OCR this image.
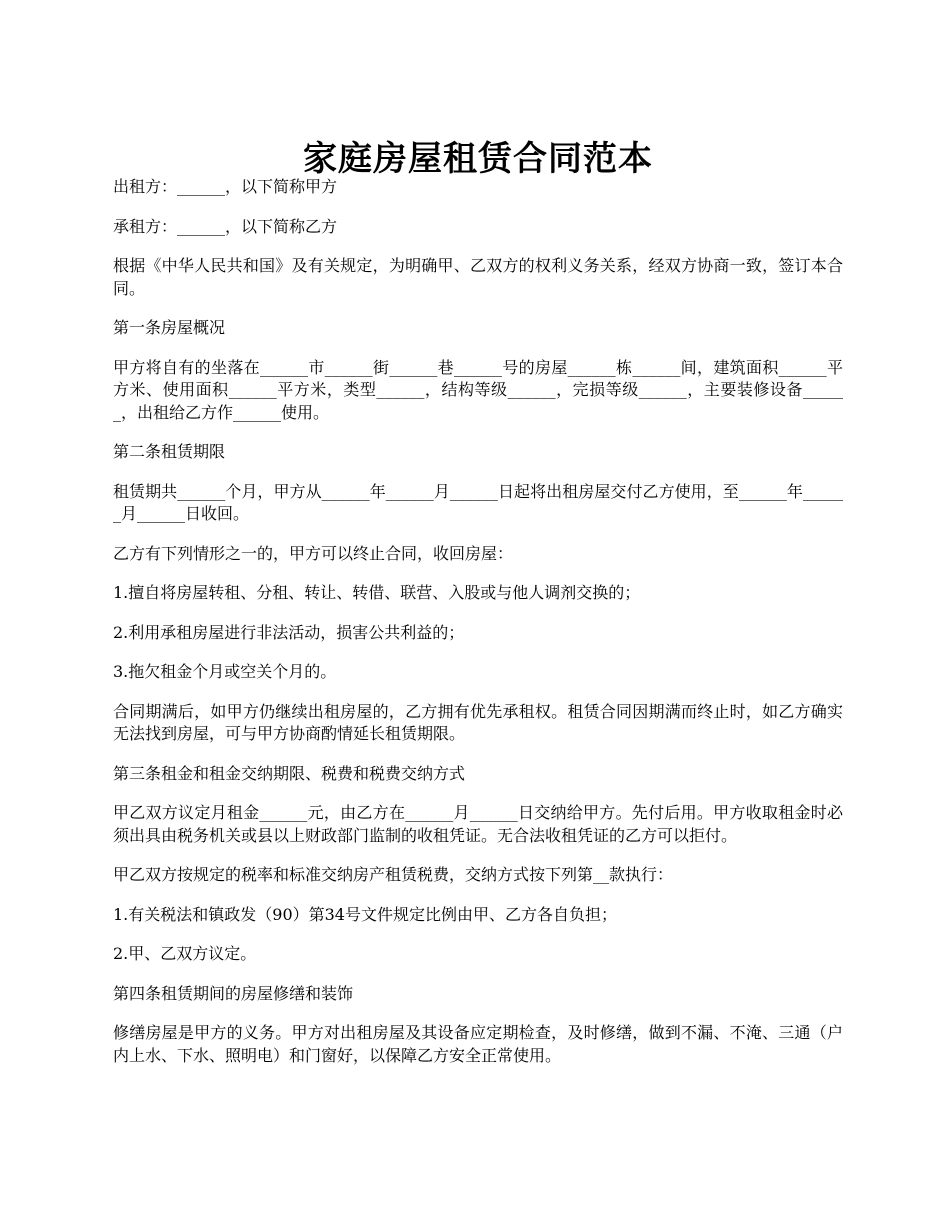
家庭房屋租赁合同范本

出租方：______，以下简称甲方

承租方：______，以下简称乙方

根据《中华人民共和国》及有关规定，为明确甲、乙双方的权利义务关系，经双方协商一致，签订本合同。

第一条房屋概况

甲方将自有的坐落在______市______街______巷______号的房屋______栋______间，建筑面积______平方米、使用面积______平方米，类型______，结构等级______，完损等级______，主要装修设备______，出租给乙方作______使用。

第二条租赁期限

租赁期共______个月，甲方从______年______月______日起将出租房屋交付乙方使用，至______年______月______日收回。

乙方有下列情形之一的，甲方可以终止合同，收回房屋：

1.擅自将房屋转租、分租、转让、转借、联营、入股或与他人调剂交换的；

2.利用承租房屋进行非法活动，损害公共利益的；

3.拖欠租金个月或空关个月的。

合同期满后，如甲方仍继续出租房屋的，乙方拥有优先承租权。租赁合同因期满而终止时，如乙方确实无法找到房屋，可与甲方协商酌情延长租赁期限。

第三条租金和租金交纳期限、税费和税费交纳方式

甲乙双方议定月租金______元，由乙方在______月______日交纳给甲方。先付后用。甲方收取租金时必须出具由税务机关或县以上财政部门监制的收租凭证。无合法收租凭证的乙方可以拒付。

甲乙双方按规定的税率和标准交纳房产租赁税费，交纳方式按下列第__款执行：

1.有关税法和镇政发（90）第34号文件规定比例由甲、乙方各自负担；

2.甲、乙双方议定。

第四条租赁期间的房屋修缮和装饰

修缮房屋是甲方的义务。甲方对出租房屋及其设备应定期检查，及时修缮，做到不漏、不淹、三通（户内上水、下水、照明电）和门窗好，以保障乙方安全正常使用。
